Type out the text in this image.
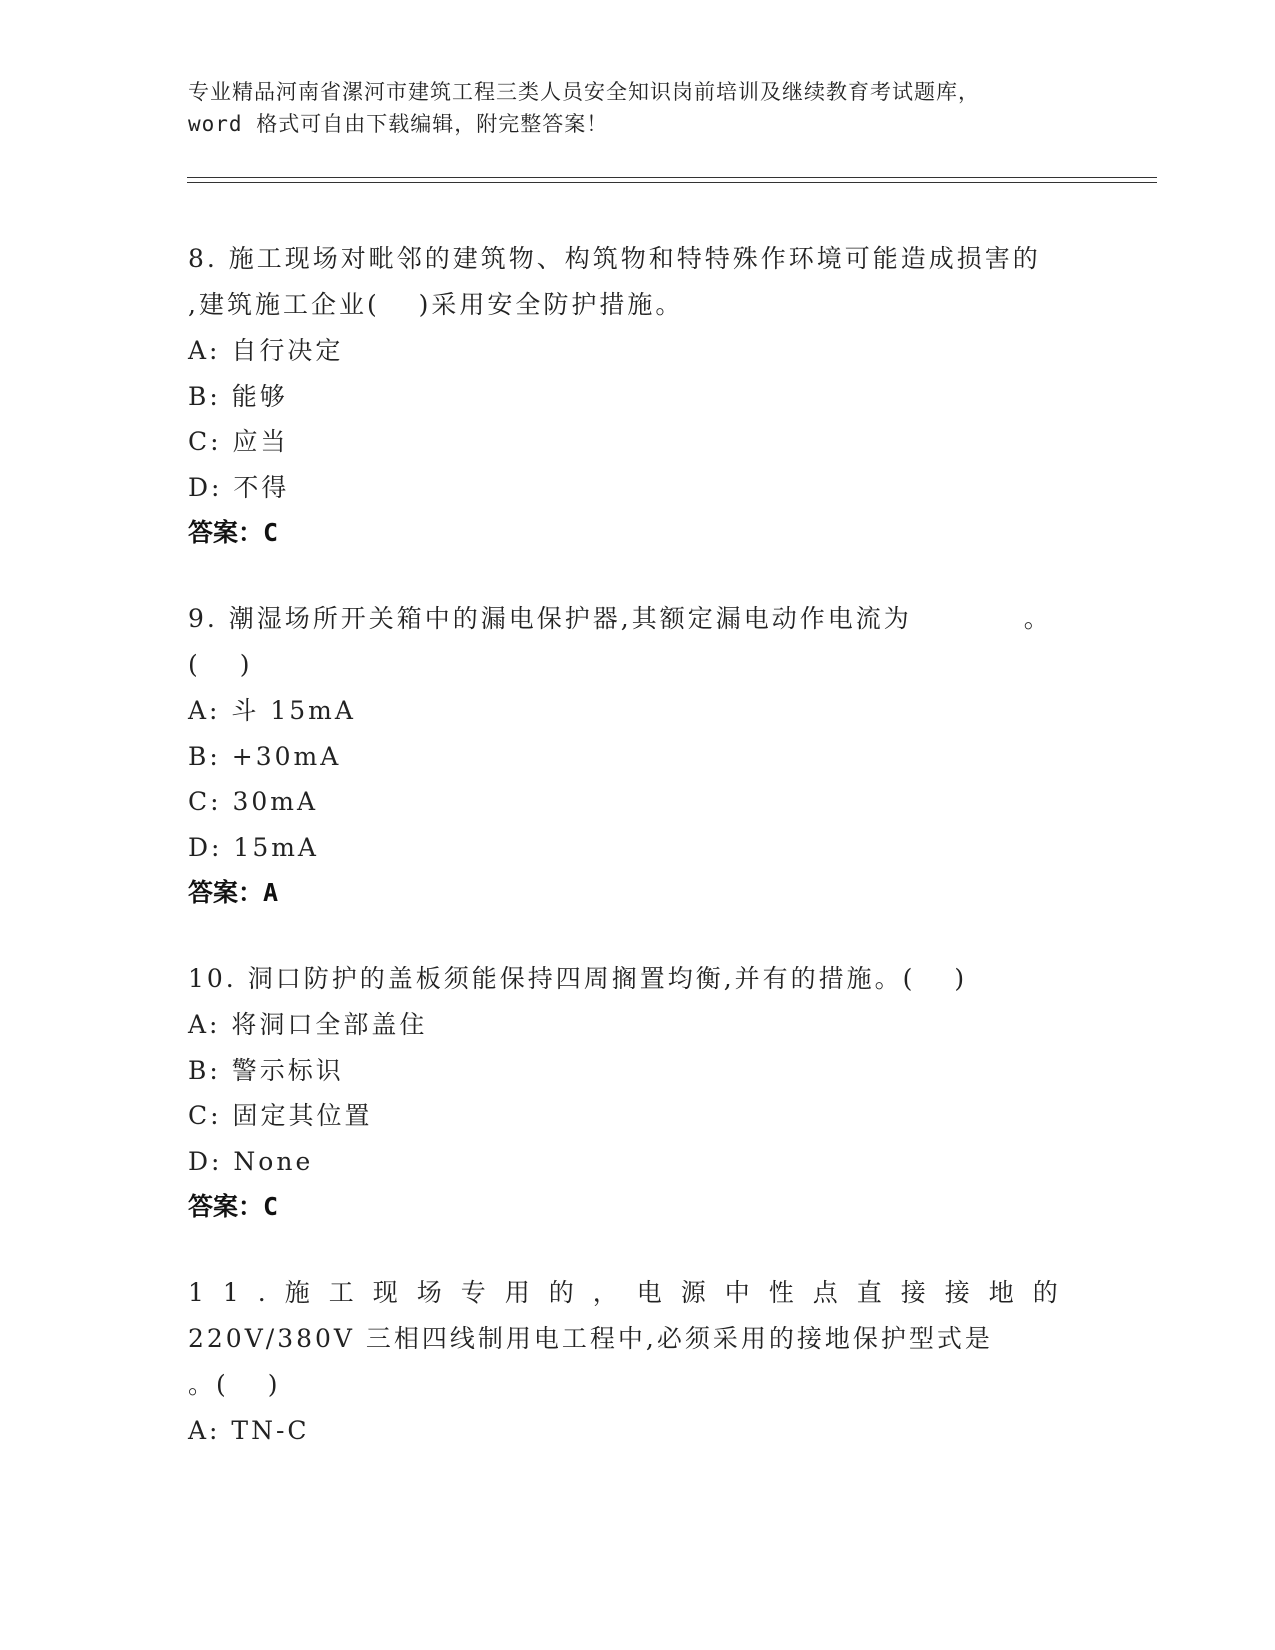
专业精品河南省漯河市建筑工程三类人员安全知识岗前培训及继续教育考试题库，
word 格式可自由下载编辑，附完整答案！
8. 施工现场对毗邻的建筑物、构筑物和特特殊作环境可能造成损害的
,建筑施工企业(　 )采用安全防护措施。
A: 自行决定
B: 能够
C: 应当
D: 不得
答案：C
9. 潮湿场所开关箱中的漏电保护器,其额定漏电动作电流为　　　　。
(　 )
A: 斗 15mA
B: +30mA
C: 30mA
D: 15mA
答案：A
10. 洞口防护的盖板须能保持四周搁置均衡,并有的措施。(　 )
A: 将洞口全部盖住
B: 警示标识
C: 固定其位置
D: None
答案：C
11.施工现场专用的，电源中性点直接接地的
220V/380V 三相四线制用电工程中,必须采用的接地保护型式是
。(　 )
A: TN-C
